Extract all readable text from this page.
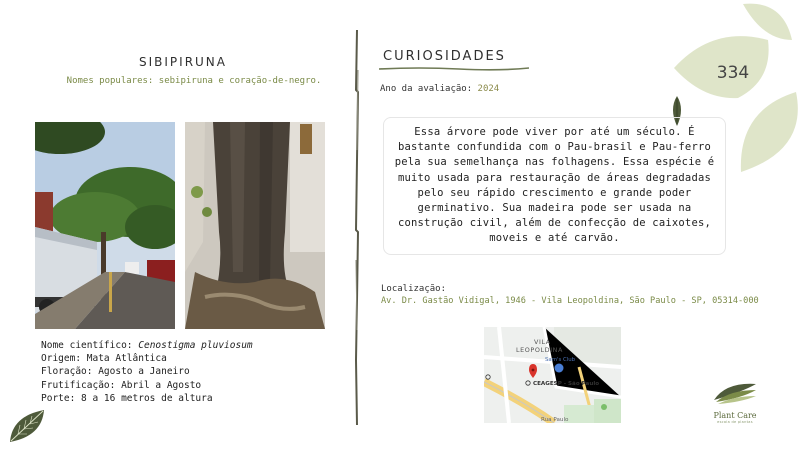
SIBIPIRUNA
Nomes populares: sebipiruna e coração-de-negro.
Nome científico: Cenostigma pluviosum
Origem: Mata Atlântica
Floração: Agosto a Janeiro
Frutificação: Abril a Agosto
Porte: 8 a 16 metros de altura
CURIOSIDADES
Ano da avaliação: 2024
Essa árvore pode viver por até um século. É bastante confundida com o Pau-brasil e Pau-ferro pela sua semelhança nas folhagens. Essa espécie é muito usada para restauração de áreas degradadas pelo seu rápido crescimento e grande poder germinativo. Sua madeira pode ser usada na construção civil, além de confecção de caixotes, moveis e até carvão.
Localização:
Av. Dr. Gastão Vidigal, 1946 - Vila Leopoldina, São Paulo - SP, 05314-000
VILA
LEOPOLDINA
Sam's Club
CEAGESP - São Paulo
Rua Paulo
334
Plant Care
escala de plantas
